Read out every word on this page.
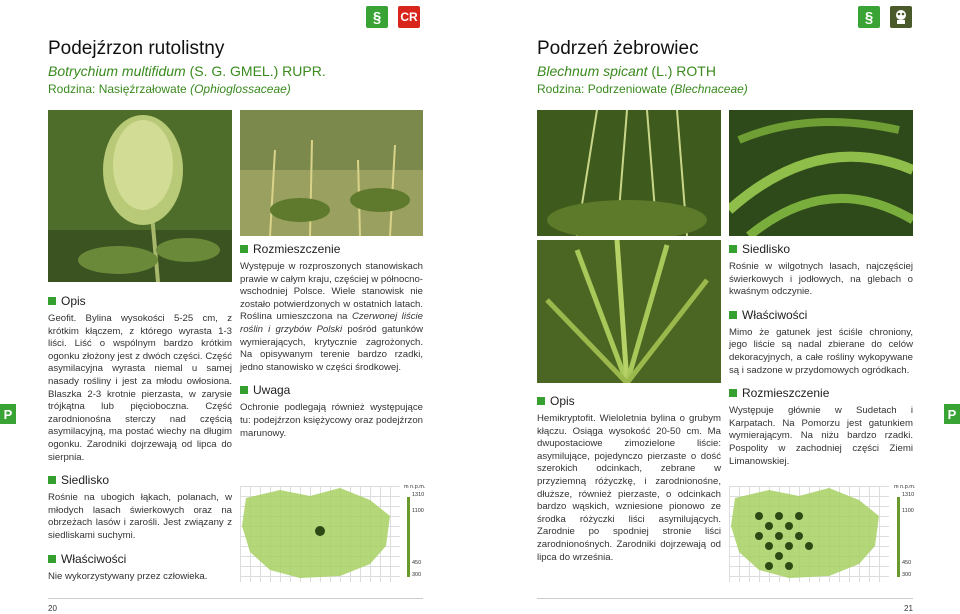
§	CR	§
Podejźrzon rutolistny
Botrychium multifidum (S. G. GMEL.) RUPR.
Rodzina: Nasięźrzałowate (Ophioglossaceae)
Podrzeń żebrowiec
Blechnum spicant (L.) ROTH
Rodzina: Podrzeniowate (Blechnaceae)
Opis

Geofit. Bylina wysokości 5-25 cm, z krótkim kłączem, z którego wyrasta 1-3 liści. Liść o wspólnym bardzo krótkim ogonku złożony jest z dwóch części. Część asymilacyjna wyrasta niemal u samej nasady rośliny i jest za młodu owłosiona. Blaszka 2-3 krotnie pierzasta, w zarysie trójkątna lub pięcioboczna. Część zarodnionośna sterczy nad częścią asymilacyjną, ma postać wiechy na długim ogonku. Zarodniki dojrzewają od lipca do sierpnia.

Siedlisko

Rośnie na ubogich łąkach, polanach, w młodych lasach świerkowych oraz na obrzeżach lasów i zarośli. Jest związany z siedliskami suchymi.

Właściwości

Nie wykorzystywany przez człowieka.

Rozmieszczenie

Występuje w rozproszonych stanowiskach prawie w całym kraju, częściej w północno-wschodniej Polsce. Wiele stanowisk nie zostało potwierdzonych w ostatnich latach. Roślina umieszczona na Czerwonej liście roślin i grzybów Polski pośród gatunków wymierających, krytycznie zagrożonych. Na opisywanym terenie bardzo rzadki, jedno stanowisko w części środkowej.

Uwaga

Ochronie podlegają również występujące tu: podejźrzon księżycowy oraz podejźrzon marunowy.

Opis

Hemikryptofit. Wieloletnia bylina o grubym kłączu. Osiąga wysokość 20-50 cm. Ma dwupostaciowe zimozielone liście: asymilujące, pojedynczo pierzaste o dość szerokich odcinkach, zebrane w przyziemną różyczkę, i zarodnionośne, dłuższe, również pierzaste, o odcinkach bardzo wąskich, wzniesione pionowo ze środka różyczki liści asymilujących. Zarodnie po spodniej stronie liści zarodnionośnych. Zarodniki dojrzewają od lipca do września.

Siedlisko

Rośnie w wilgotnych lasach, najczęściej świerkowych i jodłowych, na glebach o kwaśnym odczynie.

Właściwości

Mimo że gatunek jest ściśle chroniony, jego liście są nadal zbierane do celów dekoracyjnych, a całe rośliny wykopywane są i sadzone w przydomowych ogródkach.

Rozmieszczenie

Występuje głównie w Sudetach i Karpatach. Na Pomorzu jest gatunkiem wymierającym. Na niżu bardzo rzadki. Pospolity w zachodniej części Ziemi Limanowskiej.

m n.p.m.
1310
1100
450
300
m n.p.m.
1310
1100
450
300
P	P
20	21
